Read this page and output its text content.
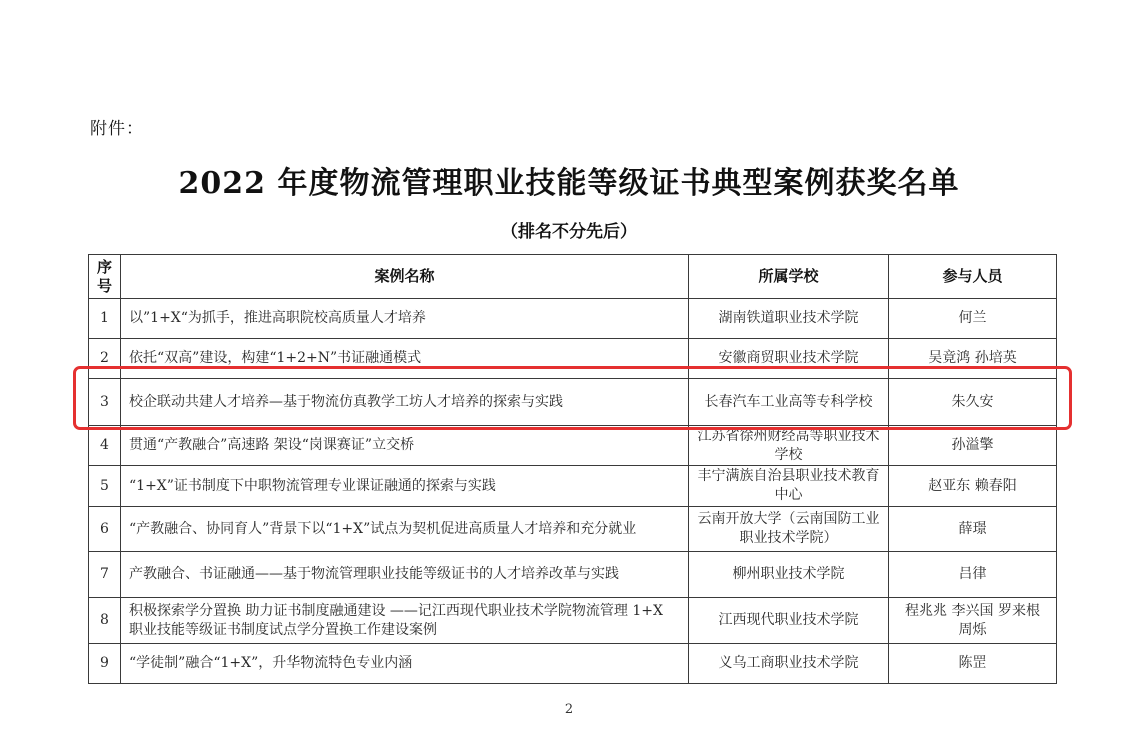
附件：
2022 年度物流管理职业技能等级证书典型案例获奖名单
（排名不分先后）
序号	案例名称	所属学校	参与人员
1	以”1+X“为抓手，推进高职院校高质量人才培养	湖南铁道职业技术学院	何兰
2	依托“双高”建设，构建“1+2+N”书证融通模式	安徽商贸职业技术学院	吴竟鸿 孙培英
3	校企联动共建人才培养—基于物流仿真教学工坊人才培养的探索与实践	长春汽车工业高等专科学校	朱久安
4	贯通“产教融合”高速路 架设“岗课赛证”立交桥	江苏省徐州财经高等职业技术学校	孙溢擎
5	“1+X”证书制度下中职物流管理专业课证融通的探索与实践	丰宁满族自治县职业技术教育中心	赵亚东 赖春阳
6	“产教融合、协同育人”背景下以“1+X”试点为契机促进高质量人才培养和充分就业	云南开放大学（云南国防工业职业技术学院）	薛璟
7	产教融合、书证融通——基于物流管理职业技能等级证书的人才培养改革与实践	柳州职业技术学院	吕律
8	积极探索学分置换 助力证书制度融通建设 ——记江西现代职业技术学院物流管理 1+X 职业技能等级证书制度试点学分置换工作建设案例	江西现代职业技术学院	程兆兆 李兴国 罗来根 周烁
9	“学徒制”融合“1+X”，升华物流特色专业内涵	义乌工商职业技术学院	陈罡
2
